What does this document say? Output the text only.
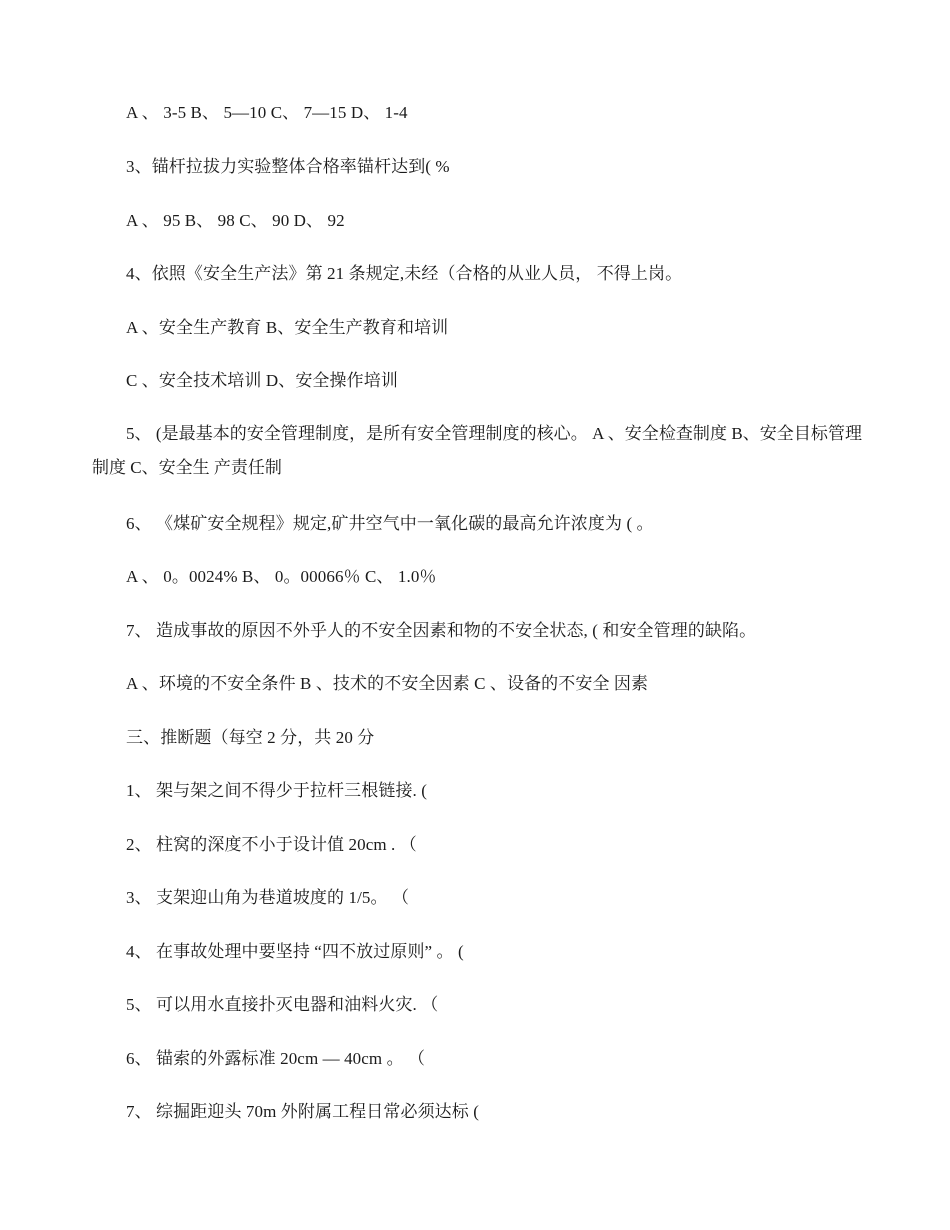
A 、 3-5 B、 5—10 C、 7—15 D、 1-4
3、锚杆拉拔力实验整体合格率锚杆达到( %
A 、 95 B、 98 C、 90 D、 92
4、依照《安全生产法》第 21 条规定,未经（合格的从业人员， 不得上岗。
A 、安全生产教育 B、安全生产教育和培训
C 、安全技术培训 D、安全操作培训
5、 (是最基本的安全管理制度，是所有安全管理制度的核心。 A 、安全检查制度 B、安全目标管理制度 C、安全生 产责任制
6、 《煤矿安全规程》规定,矿井空气中一氧化碳的最高允许浓度为 ( 。
A 、 0。0024% B、 0。00066％ C、 1.0％
7、 造成事故的原因不外乎人的不安全因素和物的不安全状态, ( 和安全管理的缺陷。
A 、环境的不安全条件 B 、技术的不安全因素 C 、设备的不安全 因素
三、推断题（每空 2 分，共 20 分
1、 架与架之间不得少于拉杆三根链接. (
2、 柱窝的深度不小于设计值 20cm . （
3、 支架迎山角为巷道坡度的 1/5。 （
4、 在事故处理中要坚持 “四不放过原则” 。 (
5、 可以用水直接扑灭电器和油料火灾. （
6、 锚索的外露标准 20cm — 40cm 。 （
7、 综掘距迎头 70m 外附属工程日常必须达标 (
